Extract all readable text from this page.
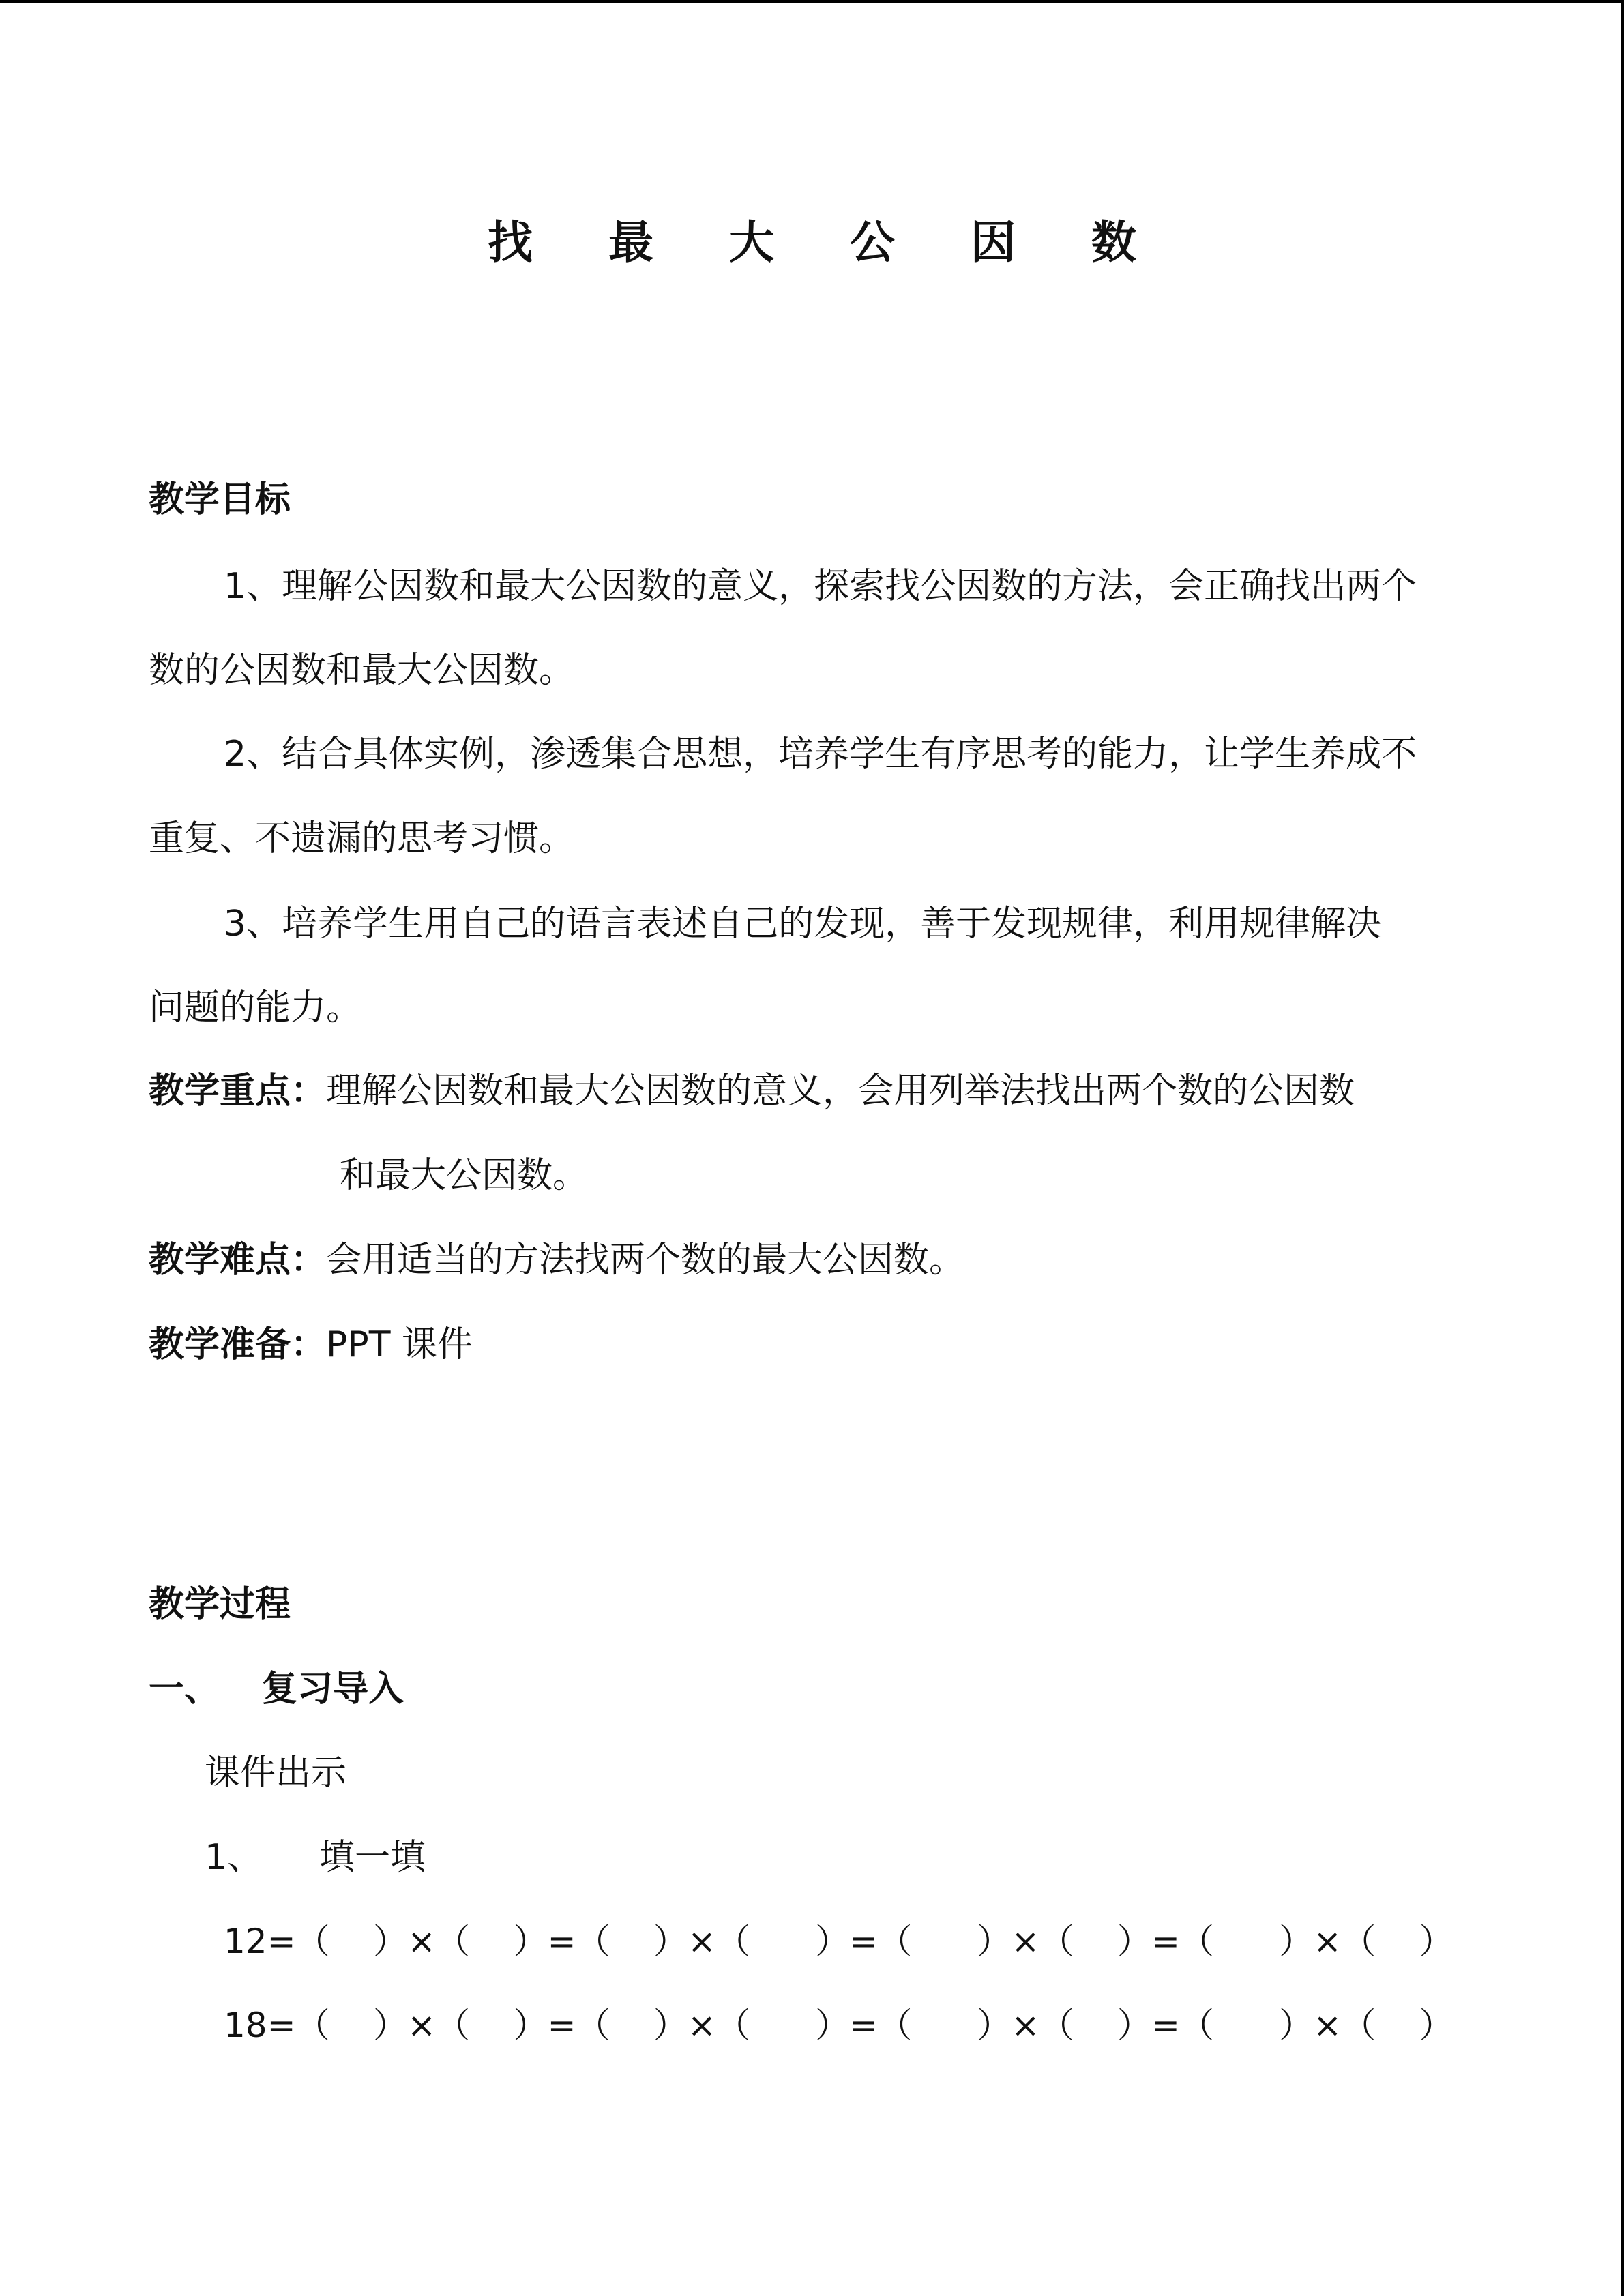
找 最 大 公 因 数
教学目标
1、理解公因数和最大公因数的意义，探索找公因数的方法，会正确找出两个
数的公因数和最大公因数。
2、结合具体实例，渗透集合思想，培养学生有序思考的能力，让学生养成不
重复、不遗漏的思考习惯。
3、培养学生用自己的语言表述自己的发现，善于发现规律，利用规律解决
问题的能力。
教学重点：理解公因数和最大公因数的意义，会用列举法找出两个数的公因数
和最大公因数。
教学难点：会用适当的方法找两个数的最大公因数。
教学准备：PPT 课件
教学过程
一、 复习导入
课件出示
1、 填一填
12=（    ）×（    ）=（    ）×（      ）=（      ）×（    ）=（      ）×（    ）
18=（    ）×（    ）=（    ）×（      ）=（      ）×（    ）=（      ）×（    ）
